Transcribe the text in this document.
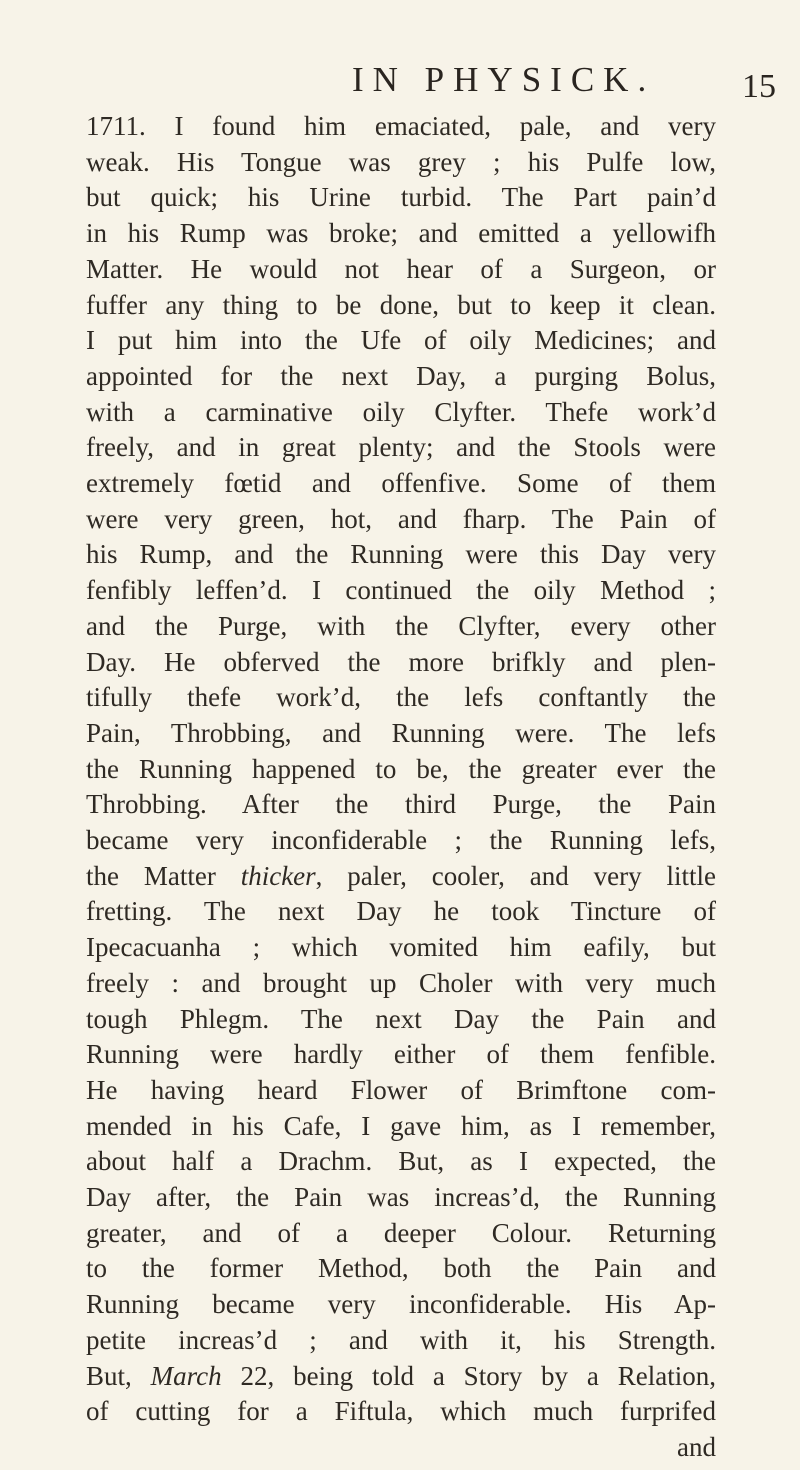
IN PHYSICK.	15
1711. I found him emaciated, pale, and very
weak. His Tongue was grey ; his Pulfe low,
but quick; his Urine turbid. The Part pain’d
in his Rump was broke; and emitted a yellowifh
Matter. He would not hear of a Surgeon, or
fuffer any thing to be done, but to keep it clean.
I put him into the Ufe of oily Medicines; and
appointed for the next Day, a purging Bolus,
with a carminative oily Clyfter. Thefe work’d
freely, and in great plenty; and the Stools were
extremely fœtid and offenfive. Some of them
were very green, hot, and fharp. The Pain of
his Rump, and the Running were this Day very
fenfibly leffen’d. I continued the oily Method ;
and the Purge, with the Clyfter, every other
Day. He obferved the more brifkly and plen-
tifully thefe work’d, the lefs conftantly the
Pain, Throbbing, and Running were. The lefs
the Running happened to be, the greater ever the
Throbbing. After the third Purge, the Pain
became very inconfiderable ; the Running lefs,
the Matter thicker, paler, cooler, and very little
fretting. The next Day he took Tincture of
Ipecacuanha ; which vomited him eafily, but
freely : and brought up Choler with very much
tough Phlegm. The next Day the Pain and
Running were hardly either of them fenfible.
He having heard Flower of Brimftone com-
mended in his Cafe, I gave him, as I remember,
about half a Drachm. But, as I expected, the
Day after, the Pain was increas’d, the Running
greater, and of a deeper Colour. Returning
to the former Method, both the Pain and
Running became very inconfiderable. His Ap-
petite increas’d ; and with it, his Strength.
But, March 22, being told a Story by a Relation,
of cutting for a Fiftula, which much furprifed
and
